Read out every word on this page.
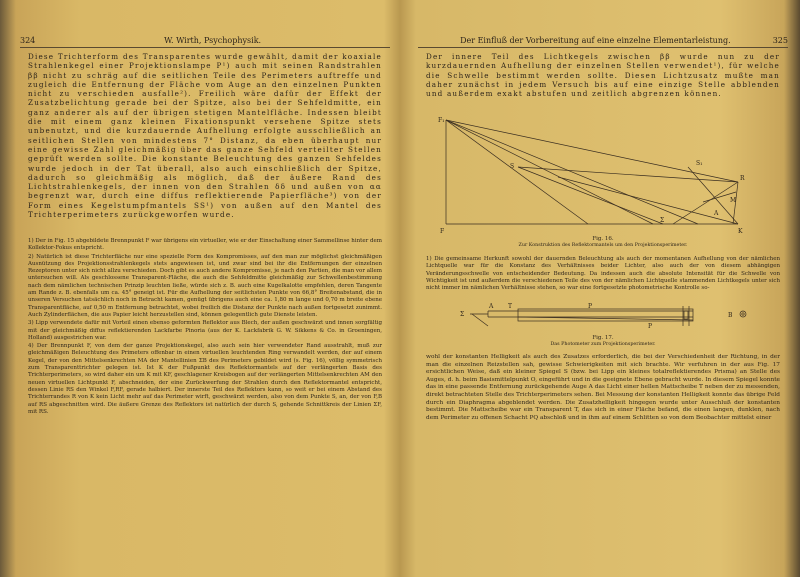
324	W. Wirth, Psychophysik.

Diese Trichterform des Transparentes wurde gewählt, damit der koaxiale Strahlenkegel einer Projektionslampe P¹) auch mit seinen Randstrahlen ββ nicht zu schräg auf die seitlichen Teile des Perimeters auftreffe und zugleich die Entfernung der Fläche vom Auge an den einzelnen Punkten nicht zu verschieden ausfalle²). Freilich wäre dafür der Effekt der Zusatzbelichtung gerade bei der Spitze, also bei der Sehfeldmitte, ein ganz anderer als auf der übrigen stetigen Mantelfläche. Indessen bleibt die mit einem ganz kleinen Fixationspunkt versehene Spitze stets unbenutzt, und die kurzdauernde Aufhellung erfolgte ausschließlich an seitlichen Stellen von mindestens 7° Distanz, da eben überhaupt nur eine gewisse Zahl gleichmäßig über das ganze Sehfeld verteilter Stellen geprüft werden sollte. Die konstante Beleuchtung des ganzen Sehfeldes wurde jedoch in der Tat überall, also auch einschließlich der Spitze, dadurch so gleichmäßig als möglich, daß der äußere Rand des Lichtstrahlenkegels, der innen von den Strahlen δδ und außen von αα begrenzt war, durch eine diffus reflektierende Papierfläche³) von der Form eines Kegelstumpfmantels SS¹) von außen auf den Mantel des Trichterperimeters zurückgeworfen wurde.

1) Der in Fig. 15 abgebildete Brennpunkt F war übrigens ein virtueller, wie er der Einschaltung einer Sammellinse hinter dem Kollektor-Fokus entspricht.

2) Natürlich ist diese Trichterfläche nur eine spezielle Form des Kompromisses, auf den man zur möglichst gleichmäßigen Ausnützung des Projektionsstrahlenkegels stets angewiesen ist, und zwar sind bei ihr die Entfernungen der einzelnen Rezeptoren unter sich nicht allzu verschieden. Doch gibt es auch andere Kompromisse, je nach den Partien, die man vor allem untersuchen will. Als geschlossene Transparent-Fläche, die auch die Sehfeldmitte gleichmäßig zur Schwellenbestimmung nach dem nämlichen technischen Prinzip leuchten ließe, würde sich z. B. auch eine Kugelkalotte empfehlen, deren Tangente am Rande z. B. ebenfalls um ca. 45° geneigt ist. Für die Aufhellung der seitlichsten Punkte von 66,8° Breitenabstand, die in unseren Versuchen tatsächlich noch in Betracht kamen, genügt übrigens auch eine ca. 1,80 m lange und 0,70 m breite ebene Transparentfläche, auf 0,50 m Entfernung betrachtet, wobei freilich die Distanz der Punkte nach außen fortgesetzt zunimmt. Auch Zylinderflächen, die aus Papier leicht herzustellen sind, können gelegentlich gute Dienste leisten.

3) Lipp verwendete dafür mit Vorteil einen ebenso geformten Reflektor aus Blech, der außen geschwärzt und innen sorgfältig mit der gleichmäßig diffus reflektierenden Lackfarbe Pinoria (aus der K. Lackfabrik G. W. Sikkens & Co. in Groeningen, Holland) ausgestrichen war.

4) Der Brennpunkt F, von dem der ganze Projektionskegel, also auch sein hier verwendeter Rand ausstrahlt, muß zur gleichmäßigen Beleuchtung des Primeters offenbar in einen virtuellen leuchtenden Ring verwandelt werden, der auf einem Kegel, der von den Mittelsenkrechten MA der Mantellinien ΣB des Perimeters gebildet wird (s. Fig. 16), völlig symmetrisch zum Transparenttrichter gelegen ist. Ist K der Fußpunkt des Reflektormantels auf der verlängerten Basis des Trichterperimeters, so wird daher ein um K mit KF, geschlagener Kreisbogen auf der verlängerten Mittelsenkrechten AM den neuen virtuellen Lichtpunkt F, abschneiden, der eine Zurückwerfung der Strahlen durch den Reflektormantel entspricht, dessen Linie RS den Winkel F,RF, gerade halbiert. Der innerste Teil des Reflektors kann, so weit er bei einem Abstand des Trichterrandes R von K kein Licht mehr auf das Perimeter wirft, geschwärzt werden, also von dem Punkte S, an, der von F,B auf RS abgeschnitten wird. Die äußere Grenze des Reflektors ist natürlich der durch S, gehende Schnittkreis der Linien ΣF, mit RS.

Der Einfluß der Vorbereitung auf eine einzelne Elementarleistung.	325

Der innere Teil des Lichtkegels zwischen ββ wurde nun zu der kurzdauernden Aufhellung der einzelnen Stellen verwendet¹), für welche die Schwelle bestimmt werden sollte. Diesen Lichtzusatz mußte man daher zunächst in jedem Versuch bis auf eine einzige Stelle abblenden und außerdem exakt abstufen und zeitlich abgrenzen können.

F₁
S	S₁
R
M
A
Σ
K
F
Fig. 16.
Zur Konstruktion des Reflektormantels um den Projektionsperimeter.

1) Die gemeinsame Herkunft sowohl der dauernden Beleuchtung als auch der momentanen Aufhellung von der nämlichen Lichtquelle war für die Konstanz des Verhältnisses beider Lichter, also auch der von diesem abhängigen Veränderungsschwelle von entscheidender Bedeutung. Da indessen auch die absolute Intensität für die Schwelle von Wichtigkeit ist und außerdem die verschiedenen Teile des von der nämlichen Lichtquelle stammenden Lichtkegels unter sich nicht immer im nämlichen Verhältnisse stehen, so war eine fortgesetzte photometrische Kontrolle so-

Σ
A T	P
P
B
Fig. 17.
Das Photometer zum Projektionsperimeter.

wohl der konstanten Helligkeit als auch des Zusatzes erforderlich, die bei der Verschiedenheit der Richtung, in der man die einzelnen Reizstellen sah, gewisse Schwierigkeiten mit sich brachte. Wir verfuhren in der aus Fig. 17 ersichtlichen Weise, daß ein kleiner Spiegel S (bzw. bei Lipp ein kleines totalreflektierendes Prisma) an Stelle des Auges, d. h. beim Basismittelpunkt O, eingeführt und in die geeignete Ebene gebracht wurde. In diesem Spiegel konnte das in eine passende Entfernung zurückgehende Auge A das Licht einer hellen Mattscheibe T neben der zu messenden, direkt betrachteten Stelle des Trichterperimeters sehen. Bei Messung der konstanten Helligkeit konnte das übrige Feld durch ein Diaphragma abgeblendet werden. Die Zusatzhelligkeit hingegen wurde unter Ausschluß der konstanten bestimmt. Die Mattscheibe war ein Transparent T, das sich in einer Fläche befand, die einen langen, dunklen, nach dem Perimeter zu offenen Schacht PQ abschloß und in ihm auf einem Schlitten so von dem Beobachter mittelst einer
